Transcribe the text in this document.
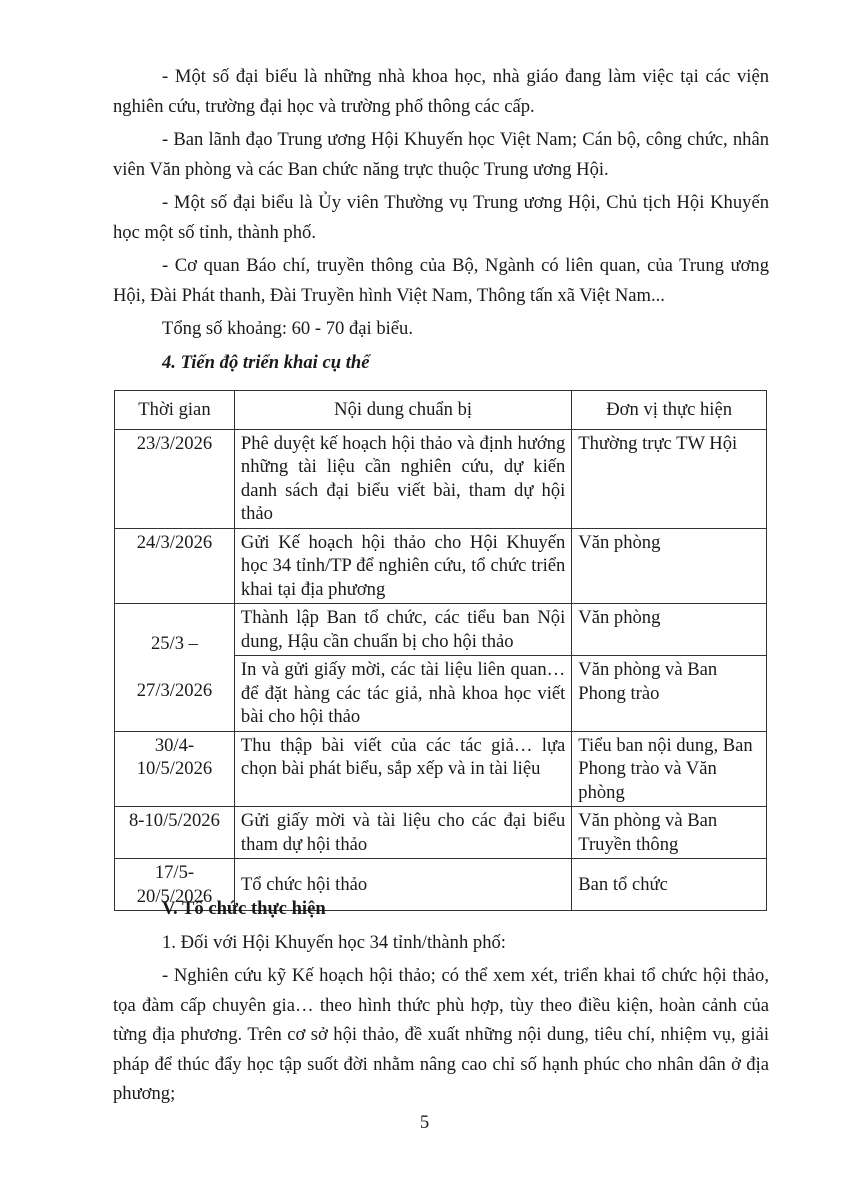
- Một số đại biểu là những nhà khoa học, nhà giáo đang làm việc tại các viện nghiên cứu, trường đại học và trường phổ thông các cấp.

- Ban lãnh đạo Trung ương Hội Khuyến học Việt Nam; Cán bộ, công chức, nhân viên Văn phòng và các Ban chức năng trực thuộc Trung ương Hội.

- Một số đại biểu là Ủy viên Thường vụ Trung ương Hội, Chủ tịch Hội Khuyến học một số tỉnh, thành phố.

- Cơ quan Báo chí, truyền thông của Bộ, Ngành có liên quan, của Trung ương Hội, Đài Phát thanh, Đài Truyền hình Việt Nam, Thông tấn xã Việt Nam...

Tổng số khoảng: 60 - 70 đại biểu.

4. Tiến độ triển khai cụ thể

Thời gian	Nội dung chuẩn bị	Đơn vị thực hiện
23/3/2026	Phê duyệt kế hoạch hội thảo và định hướng những tài liệu cần nghiên cứu, dự kiến danh sách đại biểu viết bài, tham dự hội thảo	Thường trực TW Hội
24/3/2026	Gửi Kế hoạch hội thảo cho Hội Khuyến học 34 tỉnh/TP để nghiên cứu, tổ chức triển khai tại địa phương	Văn phòng

25/3 –
27/3/2026	Thành lập Ban tổ chức, các tiểu ban Nội dung, Hậu cần chuẩn bị cho hội thảo	Văn phòng
	In và gửi giấy mời, các tài liệu liên quan… để đặt hàng các tác giả, nhà khoa học viết bài cho hội thảo	Văn phòng và Ban Phong trào

30/4-
10/5/2026	Thu thập bài viết của các tác giả… lựa chọn bài phát biểu, sắp xếp và in tài liệu	Tiểu ban nội dung, Ban Phong trào và Văn phòng
8-10/5/2026	Gửi giấy mời và tài liệu cho các đại biểu tham dự hội thảo	Văn phòng và Ban Truyền thông

17/5-
20/5/2026	Tổ chức hội thảo	Ban tổ chức

V. Tổ chức thực hiện

1. Đối với Hội Khuyến học 34 tỉnh/thành phố:

- Nghiên cứu kỹ Kế hoạch hội thảo; có thể xem xét, triển khai tổ chức hội thảo, tọa đàm cấp chuyên gia… theo hình thức phù hợp, tùy theo điều kiện, hoàn cảnh của từng địa phương. Trên cơ sở hội thảo, đề xuất những nội dung, tiêu chí, nhiệm vụ, giải pháp để thúc đẩy học tập suốt đời nhằm nâng cao chỉ số hạnh phúc cho nhân dân ở địa phương;

5
